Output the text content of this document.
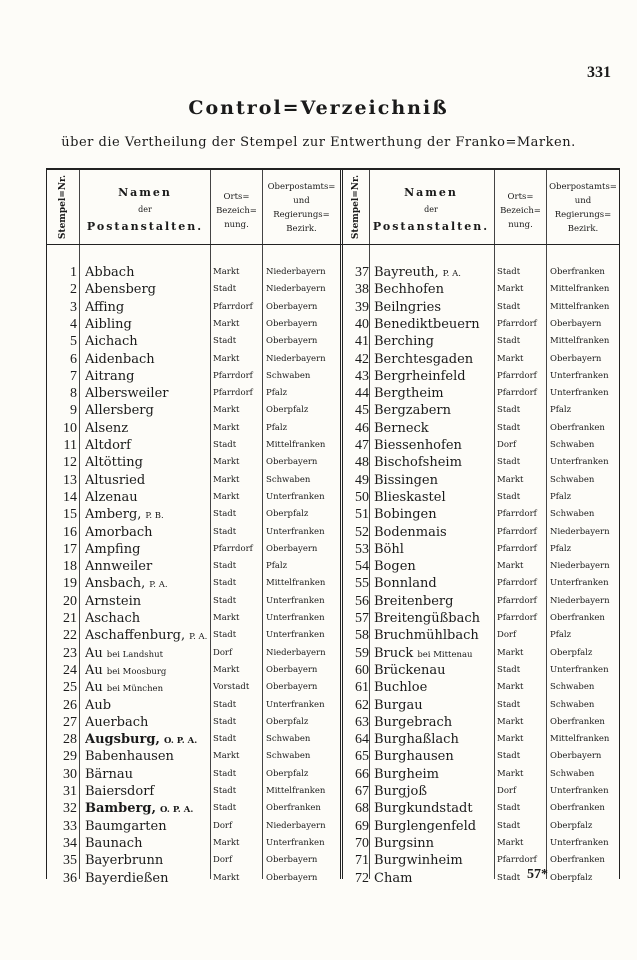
331
Control=Verzeichniß
über die Vertheilung der Stempel zur Entwerthung der Franko=Marken.
Stempel=Nr.	Namen
der
Postanstalten.
Orts=
Bezeich=
nung.
Oberpostamts=
und
Regierungs=
Bezirk.	Stempel=Nr.	Namen
der
Postanstalten.
Orts=
Bezeich=
nung.
Oberpostamts=
und
Regierungs=
Bezirk.
1 Abbach	Markt	Niederbayern
2 Abensberg	Stadt	Niederbayern
3 Affing	Pfarrdorf	Oberbayern
4 Aibling	Markt	Oberbayern
5 Aichach	Stadt	Oberbayern
6 Aidenbach	Markt	Niederbayern
7 Aitrang	Pfarrdorf	Schwaben
8 Albersweiler	Pfarrdorf	Pfalz
9 Allersberg	Markt	Oberpfalz
10 Alsenz	Markt	Pfalz
11 Altdorf	Stadt	Mittelfranken
12 Altötting	Markt	Oberbayern
13 Altusried	Markt	Schwaben
14 Alzenau	Markt	Unterfranken
15 Amberg, P. B.	Stadt	Oberpfalz
16 Amorbach	Stadt	Unterfranken
17 Ampfing	Pfarrdorf	Oberbayern
18 Annweiler	Stadt	Pfalz
19 Ansbach, P. A.	Stadt	Mittelfranken
20 Arnstein	Stadt	Unterfranken
21 Aschach	Markt	Unterfranken
22 Aschaffenburg, P. A. Stadt	Unterfranken
23 Au bei Landshut	Dorf	Niederbayern
24 Au bei Moosburg	Markt	Oberbayern
25 Au bei München	Vorstadt	Oberbayern
26 Aub	Stadt	Unterfranken
27 Auerbach	Stadt	Oberpfalz
28 Augsburg, O. P. A.	Stadt	Schwaben
29 Babenhausen	Markt	Schwaben
30 Bärnau	Stadt	Oberpfalz
31 Baiersdorf	Stadt	Mittelfranken
32 Bamberg, O. P. A.	Stadt	Oberfranken
33 Baumgarten	Dorf	Niederbayern
34 Baunach	Markt	Unterfranken
35 Bayerbrunn	Dorf	Oberbayern
36 Bayerdießen	Markt	Oberbayern
37 Bayreuth, P. A.	Stadt	Oberfranken
38 Bechhofen	Markt	Mittelfranken
39 Beilngries	Stadt	Mittelfranken
40 Benediktbeuern	Pfarrdorf	Oberbayern
41 Berching	Stadt	Mittelfranken
42 Berchtesgaden	Markt	Oberbayern
43 Bergrheinfeld	Pfarrdorf	Unterfranken
44 Bergtheim	Pfarrdorf	Unterfranken
45 Bergzabern	Stadt	Pfalz
46 Berneck	Stadt	Oberfranken
47 Biessenhofen	Dorf	Schwaben
48 Bischofsheim	Stadt	Unterfranken
49 Bissingen	Markt	Schwaben
50 Blieskastel	Stadt	Pfalz
51 Bobingen	Pfarrdorf	Schwaben
52 Bodenmais	Pfarrdorf	Niederbayern
53 Böhl	Pfarrdorf	Pfalz
54 Bogen	Markt	Niederbayern
55 Bonnland	Pfarrdorf	Unterfranken
56 Breitenberg	Pfarrdorf	Niederbayern
57 Breitengüßbach	Pfarrdorf	Oberfranken
58 Bruchmühlbach	Dorf	Pfalz
59 Bruck bei Mittenau	Markt	Oberpfalz
60 Brückenau	Stadt	Unterfranken
61 Buchloe	Markt	Schwaben
62 Burgau	Stadt	Schwaben
63 Burgebrach	Markt	Oberfranken
64 Burghaßlach	Markt	Mittelfranken
65 Burghausen	Stadt	Oberbayern
66 Burgheim	Markt	Schwaben
67 Burgjoß	Dorf	Unterfranken
68 Burgkundstadt	Stadt	Oberfranken
69 Burglengenfeld	Stadt	Oberpfalz
70 Burgsinn	Markt	Unterfranken
71 Burgwinheim	Pfarrdorf	Oberfranken
72 Cham	Stadt	Oberpfalz
57*
